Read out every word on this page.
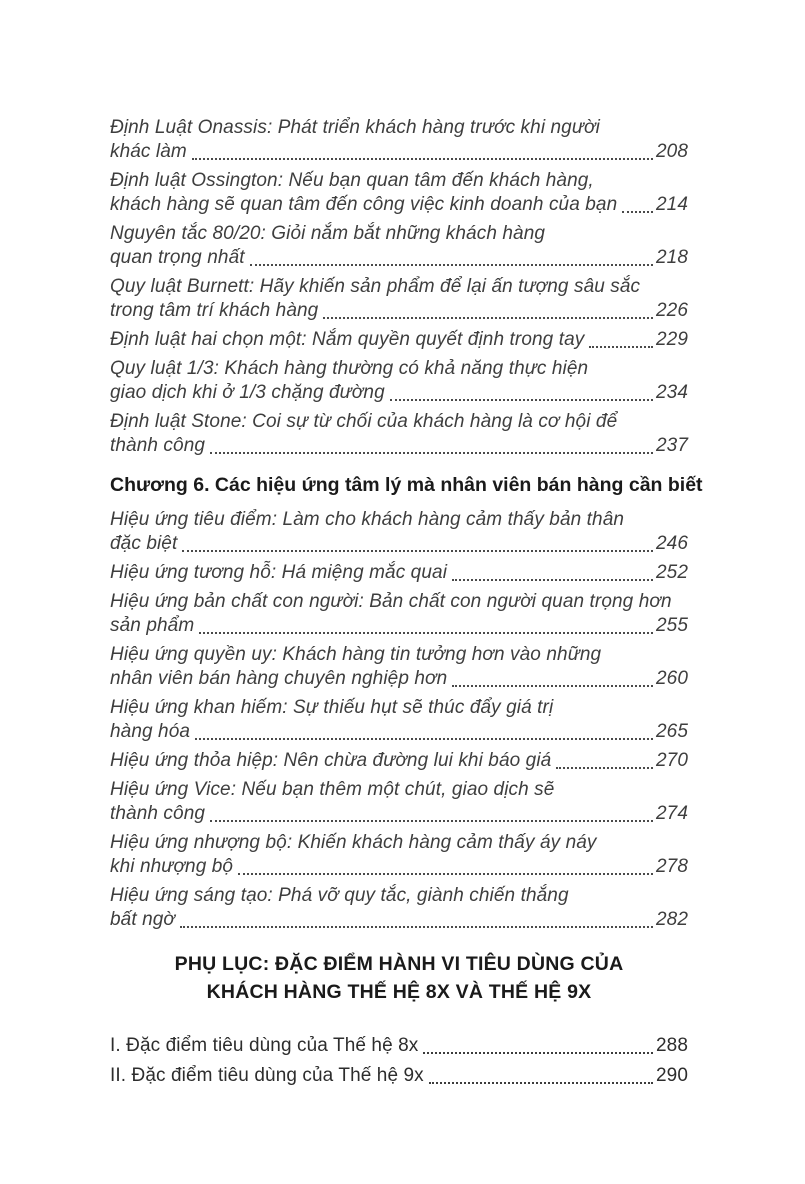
Định Luật Onassis: Phát triển khách hàng trước khi người
khác làm	208
Định luật Ossington: Nếu bạn quan tâm đến khách hàng,
khách hàng sẽ quan tâm đến công việc kinh doanh của bạn 214
Nguyên tắc 80/20: Giỏi nắm bắt những khách hàng
quan trọng nhất	218
Quy luật Burnett: Hãy khiến sản phẩm để lại ấn tượng sâu sắc
trong tâm trí khách hàng	226
Định luật hai chọn một: Nắm quyền quyết định trong tay	229
Quy luật 1/3: Khách hàng thường có khả năng thực hiện
giao dịch khi ở 1/3 chặng đường	234
Định luật Stone: Coi sự từ chối của khách hàng là cơ hội để
thành công	237
Chương 6. Các hiệu ứng tâm lý mà nhân viên bán hàng cần biết
Hiệu ứng tiêu điểm: Làm cho khách hàng cảm thấy bản thân
đặc biệt	246
Hiệu ứng tương hỗ: Há miệng mắc quai	252
Hiệu ứng bản chất con người: Bản chất con người quan trọng hơn
sản phẩm	255
Hiệu ứng quyền uy: Khách hàng tin tưởng hơn vào những
nhân viên bán hàng chuyên nghiệp hơn	260
Hiệu ứng khan hiếm: Sự thiếu hụt sẽ thúc đẩy giá trị
hàng hóa	265
Hiệu ứng thỏa hiệp: Nên chừa đường lui khi báo giá	270
Hiệu ứng Vice: Nếu bạn thêm một chút, giao dịch sẽ
thành công	274
Hiệu ứng nhượng bộ: Khiến khách hàng cảm thấy áy náy
khi nhượng bộ	278
Hiệu ứng sáng tạo: Phá vỡ quy tắc, giành chiến thắng
bất ngờ	282
PHỤ LỤC: ĐẶC ĐIỂM HÀNH VI TIÊU DÙNG CỦA
KHÁCH HÀNG THẾ HỆ 8X VÀ THẾ HỆ 9X
I. Đặc điểm tiêu dùng của Thế hệ 8x	288
II. Đặc điểm tiêu dùng của Thế hệ 9x	290
